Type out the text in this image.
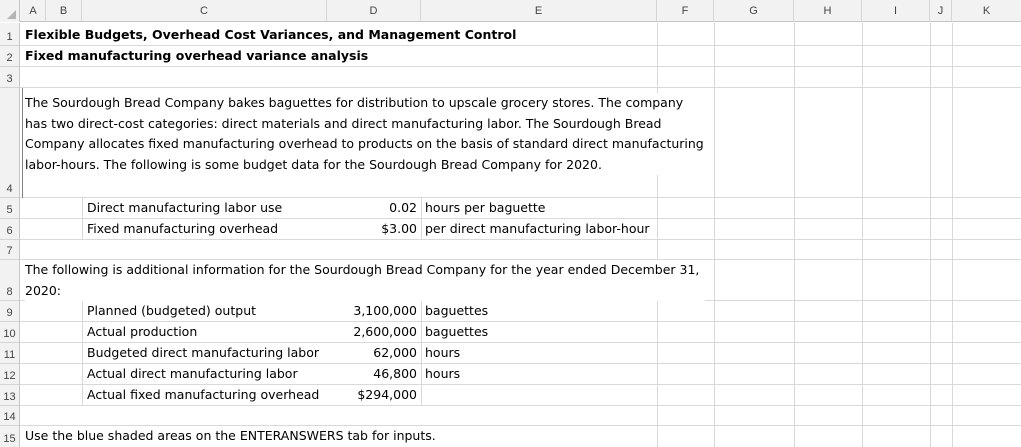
A	B	C	D	E	F	G	H	I	J	K
1
2
3
4
5
6
7
8
9
10
11
12
13
14
15
Flexible Budgets, Overhead Cost Variances, and Management Control
Fixed manufacturing overhead variance analysis
The Sourdough Bread Company bakes baguettes for distribution to upscale grocery stores. The company has two direct-cost categories: direct materials and direct manufacturing labor. The Sourdough Bread Company allocates fixed manufacturing overhead to products on the basis of standard direct manufacturing labor-hours. The following is some budget data for the Sourdough Bread Company for 2020.
Direct manufacturing labor use	0.02 hours per baguette
Fixed manufacturing overhead	$3.00 per direct manufacturing labor-hour
The following is additional information for the Sourdough Bread Company for the year ended December 31, 2020:
Planned (budgeted) output	3,100,000 baguettes
Actual production	2,600,000 baguettes
Budgeted direct manufacturing labor	62,000 hours
Actual direct manufacturing labor	46,800 hours
Actual fixed manufacturing overhead	$294,000
Use the blue shaded areas on the ENTERANSWERS tab for inputs.
